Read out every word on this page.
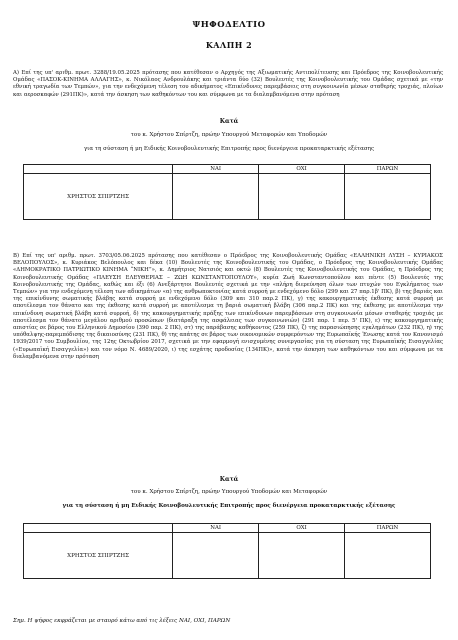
ΨΗΦΟΔΕΛΤΙΟ
ΚΑΛΠΗ 2
Α) Επί της υπ' αριθμ. πρωτ. 3288/19.05.2025 πρότασης που κατέθεσαν ο Αρχηγός της Αξιωματικής Αντιπολίτευσης και Πρόεδρος της Κοινοβουλευτικής Ομάδας «ΠΑΣΟΚ-ΚΙΝΗΜΑ ΑΛΛΑΓΗΣ», κ. Νικόλαος Ανδρουλάκης και τριάντα δύο (32) Βουλευτές της Κοινοβουλευτικής του Ομάδας σχετικά με «την εθνική τραγωδία των Τεμπών», για την ενδεχόμενη τέλεση του αδικήματος «Επικίνδυνες παρεμβάσεις στη συγκοινωνία μέσων σταθερής τροχιάς, πλοίων και αεροσκαφών (291ΠΚ)», κατά την άσκηση των καθηκόντων του και σύμφωνα με τα διαλαμβανόμενα στην πρόταση
Κατά
του κ. Χρήστου Σπίρτζη, πρώην Υπουργού Μεταφορών και Υποδομών
για τη σύσταση ή μη Ειδικής Κοινοβουλευτικής Επιτροπής προς διενέργεια προκαταρκτικής εξέτασης
	ΝΑΙ	ΟΧΙ	ΠΑΡΩΝ
ΧΡΗΣΤΟΣ ΣΠΙΡΤΖΗΣ			
Β) Επί της υπ' αριθμ. πρωτ. 3703/05.06.2025 πρότασης που κατέθεσαν ο Πρόεδρος της Κοινοβουλευτικής Ομάδας «ΕΛΛΗΝΙΚΗ ΛΥΣΗ – ΚΥΡΙΑΚΟΣ ΒΕΛΟΠΟΥΛΟΣ», κ. Κυριάκος Βελόπουλος και δέκα (10) Βουλευτές της Κοινοβουλευτικής του Ομάδας, ο Πρόεδρος της Κοινοβουλευτικής Ομάδας «ΔΗΜΟΚΡΑΤΙΚΟ ΠΑΤΡΙΩΤΙΚΟ ΚΙΝΗΜΑ “ΝΙΚΗ”», κ. Δημήτριος Νατσιός και οκτώ (8) Βουλευτές της Κοινοβουλευτικής του Ομάδας, η Πρόεδρος της Κοινοβουλευτικής Ομάδας «ΠΛΕΥΣΗ ΕΛΕΥΘΕΡΙΑΣ – ΖΩΗ ΚΩΝΣΤΑΝΤΟΠΟΥΛΟΥ», κυρία Ζωή Κωνσταντοπούλου και πέντε (5) Βουλευτές της Κοινοβουλευτικής της Ομάδας, καθώς και έξι (6) Ανεξάρτητοι Βουλευτές σχετικά με την «πλήρη διερεύνηση όλων των πτυχών του Εγκλήματος των Τεμπών» για την ενδεχόμενη τέλεση των αδικημάτων «α) της ανθρωποκτονίας κατά συρροή με ενδεχόμενο δόλο (299 και 27 παρ.1β' ΠΚ), β) της βαριάς και της επικίνδυνης σωματικής βλάβης κατά συρροή με ενδεχόμενο δόλο (309 και 310 παρ.2 ΠΚ), γ) της κακουργηματικής έκθεσης κατά συρροή με αποτέλεσμα τον θάνατο και της έκθεσης κατά συρροή με αποτέλεσμα τη βαριά σωματική βλάβη (306 παρ.2 ΠΚ) και της έκθεσης με αποτέλεσμα την επικίνδυνη σωματική βλάβη κατά συρροή, δ) της κακουργηματικής πράξης των επικίνδυνων παρεμβάσεων στη συγκοινωνία μέσων σταθερής τροχιάς με αποτέλεσμα τον θάνατο μεγάλου αριθμού προσώπων (διατάραξη της ασφάλειας των συγκοινωνιών) (291 παρ. 1 περ. 5' ΠΚ), ε) της κακουργηματικής απιστίας σε βάρος του Ελληνικού Δημοσίου (390 παρ. 2 ΠΚ), στ) της παράβασης καθήκοντος (259 ΠΚ), ζ) της παρασιώπησης εγκλημάτων (232 ΠΚ), η) της υπόθαλψης-παρεμπόδισης της δικαιοσύνης (231 ΠΚ), θ) της απάτης σε βάρος των οικονομικών συμφερόντων της Ευρωπαϊκής Ένωσης κατά τον Κανονισμό 1939/2017 του Συμβουλίου, της 12ης Οκτωβρίου 2017, σχετικά με την εφαρμογή ενισχυμένης συνεργασίας για τη σύσταση της Ευρωπαϊκής Εισαγγελίας («Ευρωπαϊκή Εισαγγελία») και τον νόμο Ν. 4689/2020, ι) της εσχάτης προδοσίας (134ΠΚ)», κατά την άσκηση των καθηκόντων του και σύμφωνα με τα διαλαμβανόμενα στην πρόταση
Κατά
του κ. Χρήστου Σπίρτζη, πρώην Υπουργού Υποδομών και Μεταφορών
για τη σύσταση ή μη Ειδικής Κοινοβουλευτικής Επιτροπής προς διενέργεια προκαταρκτικής εξέτασης
	ΝΑΙ	ΟΧΙ	ΠΑΡΩΝ
ΧΡΗΣΤΟΣ ΣΠΙΡΤΖΗΣ			
Σημ. Η ψήφος εκφράζεται με σταυρό κάτω από τις λέξεις ΝΑΙ, ΟΧΙ, ΠΑΡΩΝ
